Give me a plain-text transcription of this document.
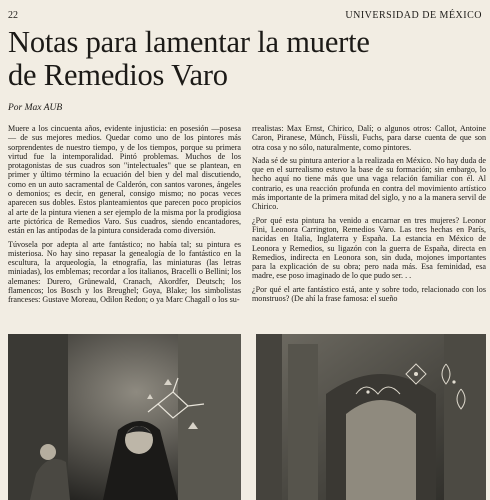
22	UNIVERSIDAD DE MÉXICO
Notas para lamentar la muerte
de Remedios Varo
Por Max AUB

Muere a los cincuenta años, evidente injusticia: en posesión —posesa— de sus mejores medios. Quedar como uno de los pintores más sorprendentes de nuestro tiempo, y de los tiempos, porque su primera virtud fue la intemporalidad. Pintó problemas. Muchos de los protagonistas de sus cuadros son "intelectuales" que se plantean, en primer y último término la ecuación del bien y del mal discutiendo, como en un auto sacramental de Calderón, con santos varones, ángeles o demonios; es decir, en general, consigo mismo; no pocas veces aparecen sus dobles. Estos planteamientos que parecen poco propicios al arte de la pintura vienen a ser ejemplo de la misma por la prodigiosa arte pictórica de Remedios Varo. Sus cuadros, siendo encantadores, están en las antípodas de la pintura considerada como diversión.

Túvosela por adepta al arte fantástico; no había tal; su pintura es misteriosa. No hay sino repasar la genealogía de lo fantástico en la escultura, la arqueología, la etnografía, las miniaturas (las letras miniadas), los emblemas; recordar a los italianos, Bracelli o Bellini; los alemanes: Durero, Grünewald, Cranach, Akordfer, Deutsch; los flamencos; los Bosch y los Breughel; Goya, Blake; los simbolistas franceses: Gustave Moreau, Odilon Redon; o ya Marc Chagall o los su-

rrealistas: Max Ernst, Chirico, Dalí; o algunos otros: Callot, Antoine Caron, Piranese, Münch, Füssli, Fuchs, para darse cuenta de que son otra cosa y no sólo, naturalmente, como pintores.

Nada sé de su pintura anterior a la realizada en México. No hay duda de que en el surrealismo estuvo la base de su formación; sin embargo, lo hecho aquí no tiene más que una vaga relación familiar con él. Al contrario, es una reacción profunda en contra del movimiento artístico más importante de la primera mitad del siglo, y no a la manera servil de Chirico.

¿Por qué esta pintura ha venido a encarnar en tres mujeres? Leonor Fini, Leonora Carrington, Remedios Varo. Las tres hechas en París, nacidas en Italia, Inglaterra y España. La estancia en México de Leonora y Remedios, su ligazón con la guerra de España, directa en Remedios, indirecta en Leonora son, sin duda, mojones importantes para la explicación de su obra; pero nada más. Esa feminidad, esa madre, ese poso imaginado de lo que pudo ser. . .

¿Por qué el arte fantástico está, ante y sobre todo, relacionado con los monstruos? (De ahí la frase famosa: el sueño
